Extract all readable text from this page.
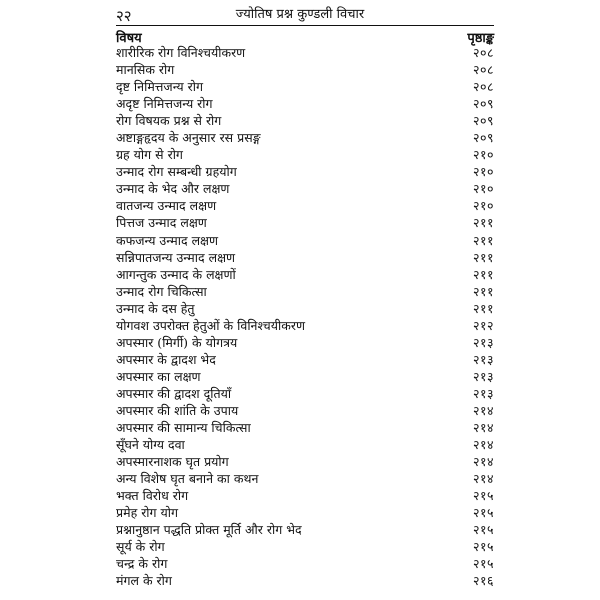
२२	ज्योतिष प्रश्न कुण्डली विचार
विषय	पृष्ठाङ्क
शारीरिक रोग विनिश्चयीकरण	२०८
मानसिक रोग	२०८
दृष्ट निमित्तजन्य रोग	२०८
अदृष्ट निमित्तजन्य रोग	२०९
रोग विषयक प्रश्न से रोग	२०९
अष्टाङ्गहृदय के अनुसार रस प्रसङ्ग	२०९
ग्रह योग से रोग	२१०
उन्माद रोग सम्बन्धी ग्रहयोग	२१०
उन्माद के भेद और लक्षण	२१०
वातजन्य उन्माद लक्षण	२१०
पित्तज उन्माद लक्षण	२११
कफजन्य उन्माद लक्षण	२११
सन्निपातजन्य उन्माद लक्षण	२११
आगन्तुक उन्माद के लक्षणों	२११
उन्माद रोग चिकित्सा	२११
उन्माद के दस हेतु	२११
योगवश उपरोक्त हेतुओं के विनिश्चयीकरण	२१२
अपस्मार (मिर्गी) के योगत्रय	२१३
अपस्मार के द्वादश भेद	२१३
अपस्मार का लक्षण	२१३
अपस्मार की द्वादश दूतियाँ	२१३
अपस्मार की शांति के उपाय	२१४
अपस्मार की सामान्य चिकित्सा	२१४
सूँघने योग्य दवा	२१४
अपस्मारनाशक घृत प्रयोग	२१४
अन्य विशेष घृत बनाने का कथन	२१४
भक्त विरोध रोग	२१५
प्रमेह रोग योग	२१५
प्रश्नानुष्ठान पद्धति प्रोक्त मूर्ति और रोग भेद	२१५
सूर्य के रोग	२१५
चन्द्र के रोग	२१५
मंगल के रोग	२१६
